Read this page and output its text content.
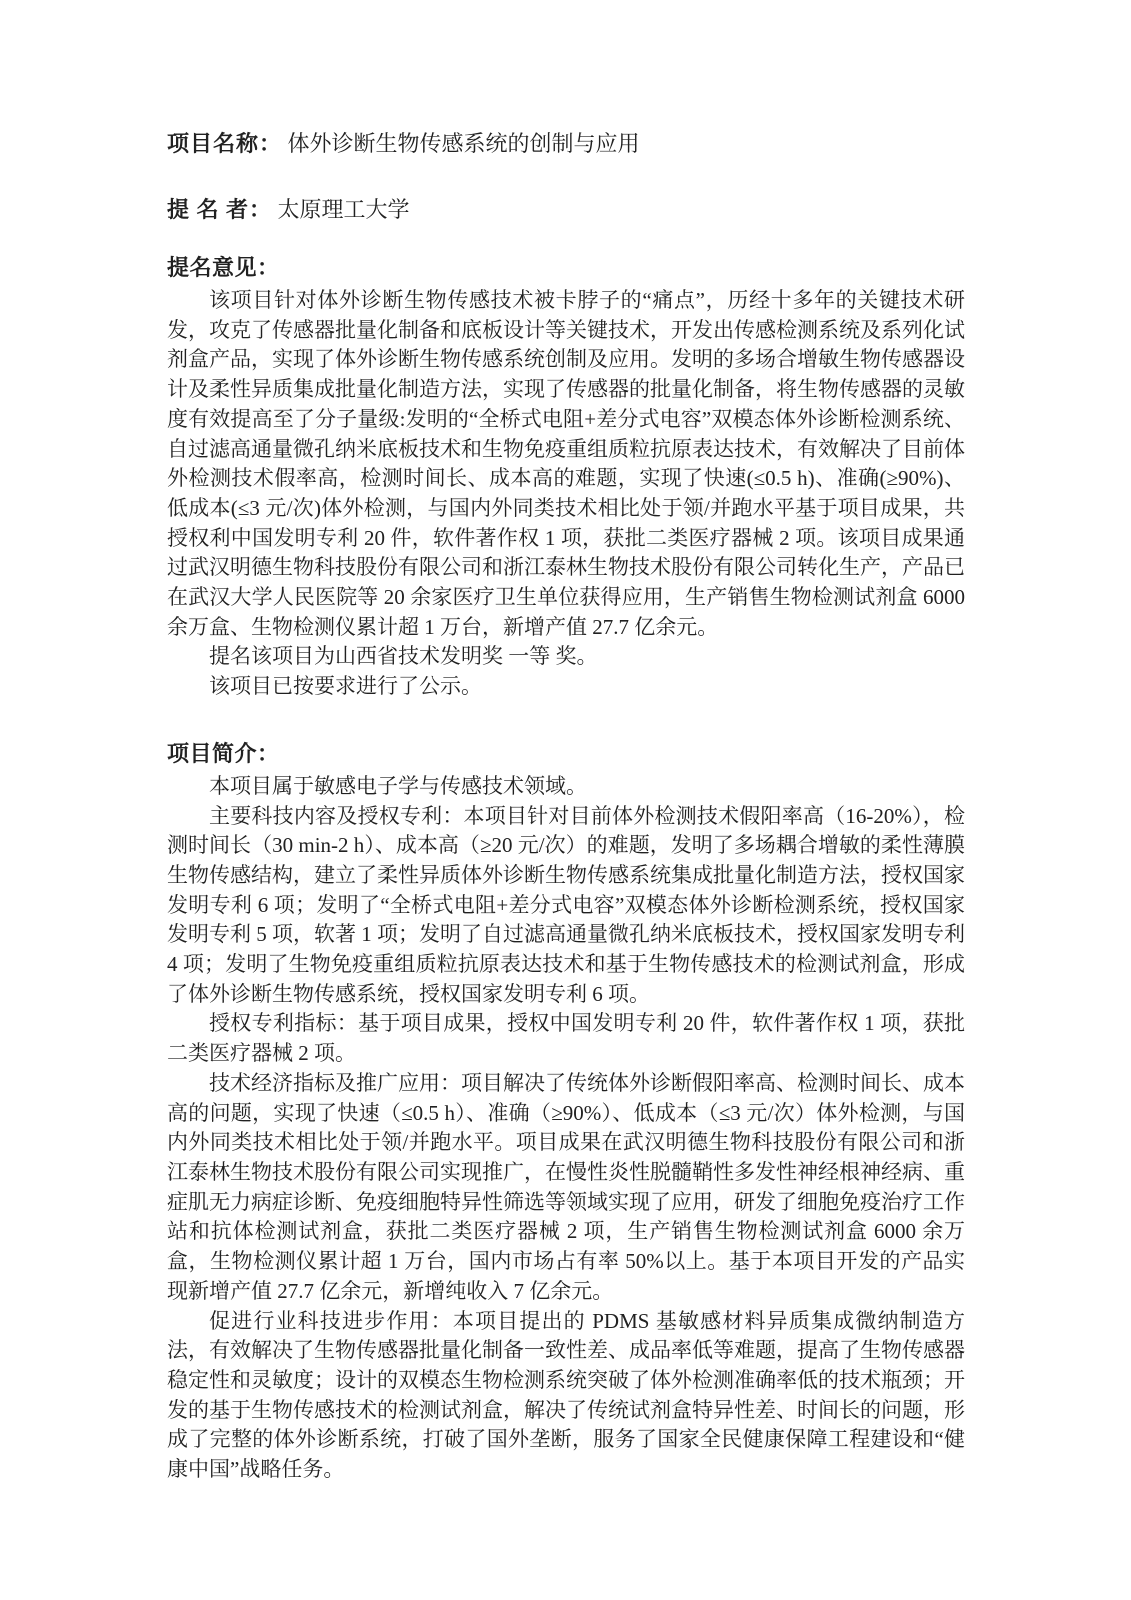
项目名称： 体外诊断生物传感系统的创制与应用

提 名 者： 太原理工大学

提名意见：

该项目针对体外诊断生物传感技术被卡脖子的“痛点”，历经十多年的关键技术研发，攻克了传感器批量化制备和底板设计等关键技术，开发出传感检测系统及系列化试剂盒产品，实现了体外诊断生物传感系统创制及应用。发明的多场合增敏生物传感器设计及柔性异质集成批量化制造方法，实现了传感器的批量化制备，将生物传感器的灵敏度有效提高至了分子量级:发明的“全桥式电阻+差分式电容”双模态体外诊断检测系统、自过滤高通量微孔纳米底板技术和生物免疫重组质粒抗原表达技术，有效解决了目前体外检测技术假率高，检测时间长、成本高的难题，实现了快速(≤0.5 h)、准确(≥90%)、低成本(≤3 元/次)体外检测，与国内外同类技术相比处于领/并跑水平基于项目成果，共授权利中国发明专利 20 件，软件著作权 1 项，获批二类医疗器械 2 项。该项目成果通过武汉明德生物科技股份有限公司和浙江泰林生物技术股份有限公司转化生产，产品已在武汉大学人民医院等 20 余家医疗卫生单位获得应用，生产销售生物检测试剂盒 6000 余万盒、生物检测仪累计超 1 万台，新增产值 27.7 亿余元。

提名该项目为山西省技术发明奖 一等 奖。

该项目已按要求进行了公示。

项目简介：

本项目属于敏感电子学与传感技术领域。

主要科技内容及授权专利：本项目针对目前体外检测技术假阳率高（16-20%），检测时间长（30 min-2 h）、成本高（≥20 元/次）的难题，发明了多场耦合增敏的柔性薄膜生物传感结构，建立了柔性异质体外诊断生物传感系统集成批量化制造方法，授权国家发明专利 6 项；发明了“全桥式电阻+差分式电容”双模态体外诊断检测系统，授权国家发明专利 5 项，软著 1 项；发明了自过滤高通量微孔纳米底板技术，授权国家发明专利 4 项；发明了生物免疫重组质粒抗原表达技术和基于生物传感技术的检测试剂盒，形成了体外诊断生物传感系统，授权国家发明专利 6 项。

授权专利指标：基于项目成果，授权中国发明专利 20 件，软件著作权 1 项，获批二类医疗器械 2 项。

技术经济指标及推广应用：项目解决了传统体外诊断假阳率高、检测时间长、成本高的问题，实现了快速（≤0.5 h）、准确（≥90%）、低成本（≤3 元/次）体外检测，与国内外同类技术相比处于领/并跑水平。项目成果在武汉明德生物科技股份有限公司和浙江泰林生物技术股份有限公司实现推广，在慢性炎性脱髓鞘性多发性神经根神经病、重症肌无力病症诊断、免疫细胞特异性筛选等领域实现了应用，研发了细胞免疫治疗工作站和抗体检测试剂盒，获批二类医疗器械 2 项，生产销售生物检测试剂盒 6000 余万盒，生物检测仪累计超 1 万台，国内市场占有率 50%以上。基于本项目开发的产品实现新增产值 27.7 亿余元，新增纯收入 7 亿余元。

促进行业科技进步作用：本项目提出的 PDMS 基敏感材料异质集成微纳制造方法，有效解决了生物传感器批量化制备一致性差、成品率低等难题，提高了生物传感器稳定性和灵敏度；设计的双模态生物检测系统突破了体外检测准确率低的技术瓶颈；开发的基于生物传感技术的检测试剂盒，解决了传统试剂盒特异性差、时间长的问题，形成了完整的体外诊断系统，打破了国外垄断，服务了国家全民健康保障工程建设和“健康中国”战略任务。
